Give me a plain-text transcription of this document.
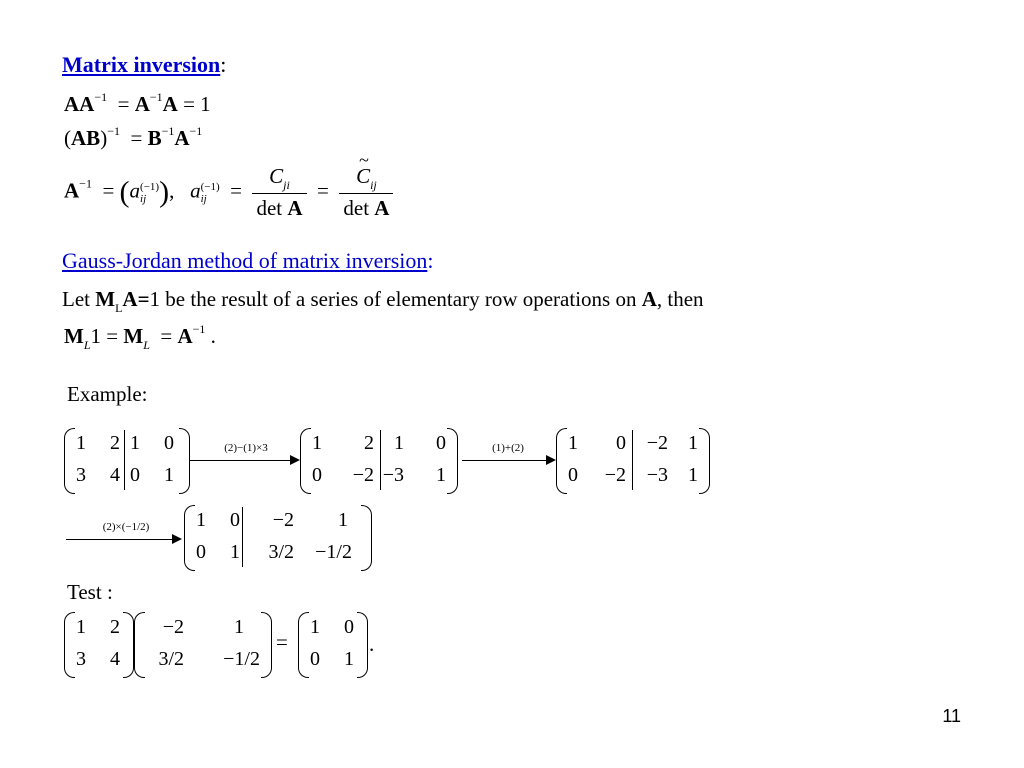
Matrix inversion:
$AA^{-1} = A^{-1}A = 1$
$(AB)^{-1} = B^{-1}A^{-1}$
$A^{-1} = (a$ (−1)
ij ), a (−1)
ij = $\frac{C_{ji}}{\text{det A}}$ = ~ $\frac{C_{ij}}{\text{det A}}$
Gauss-Jordan method of matrix inversion:
Let $M_LA=1$ be the result of a series of elementary row operations on A, then
$M_L1 = M_L = A^{-1}$ .
Example:
1	2 1	0
3	4 0	1
(2)−(1)×3	1	2	1	0
0	−2 −3	1
(1)+(2)	1	0	−2	1
0	−2	−3	1
(2)×(−1/2)	1	0	−2	1
0	1	3/2	−1/2
Test :
1	2
3	4
−2	1
3/2	−1/2
=
1	0
0	1
.
11
